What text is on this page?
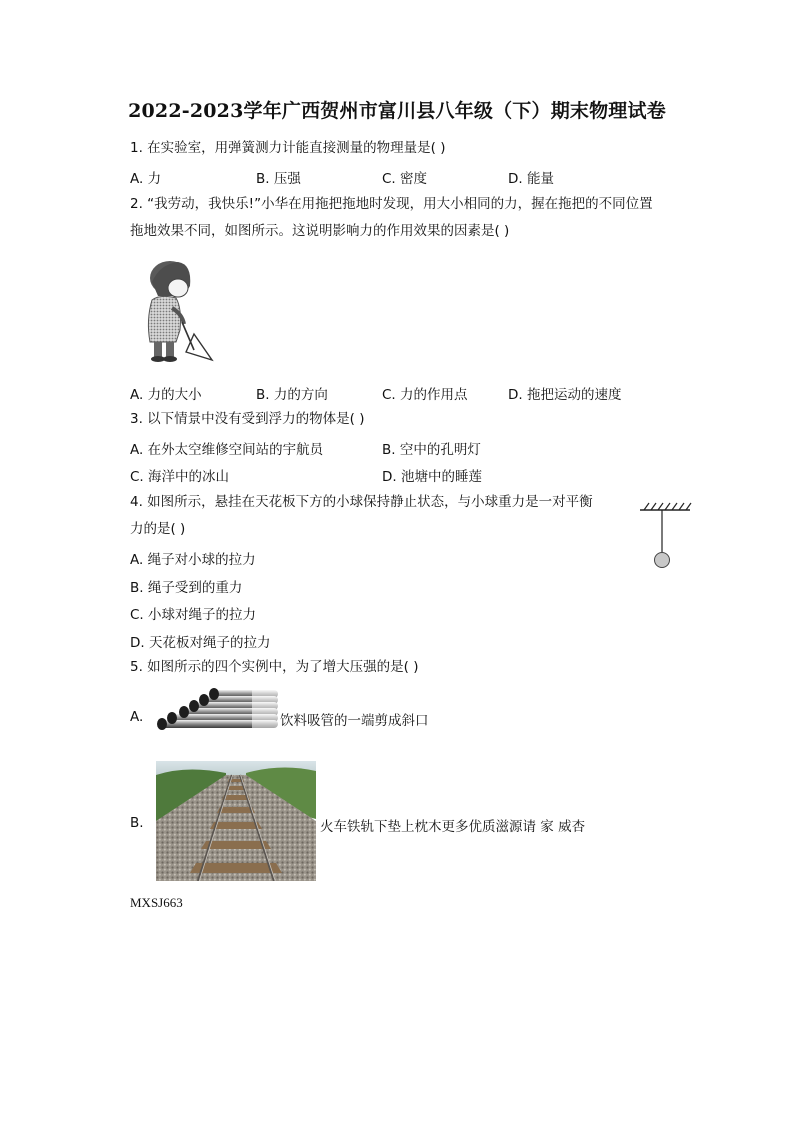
2022-2023学年广西贺州市富川县八年级（下）期末物理试卷
1. 在实验室，用弹簧测力计能直接测量的物理量是( )
A. 力	B. 压强	C. 密度	D. 能量
2. “我劳动，我快乐!”小华在用拖把拖地时发现，用大小相同的力，握在拖把的不同位置
拖地效果不同，如图所示。这说明影响力的作用效果的因素是( )
A. 力的大小	B. 力的方向	C. 力的作用点	D. 拖把运动的速度
3. 以下情景中没有受到浮力的物体是( )
A. 在外太空维修空间站的宇航员	B. 空中的孔明灯
C. 海洋中的冰山	D. 池塘中的睡莲
4. 如图所示，悬挂在天花板下方的小球保持静止状态，与小球重力是一对平衡
力的是( )
A. 绳子对小球的拉力
B. 绳子受到的重力
C. 小球对绳子的拉力
D. 天花板对绳子的拉力
5. 如图所示的四个实例中，为了增大压强的是( )
A.	饮料吸管的一端剪成斜口
B.	火车铁轨下垫上枕木更多优质滋源请 家 威杏
MXSJ663
